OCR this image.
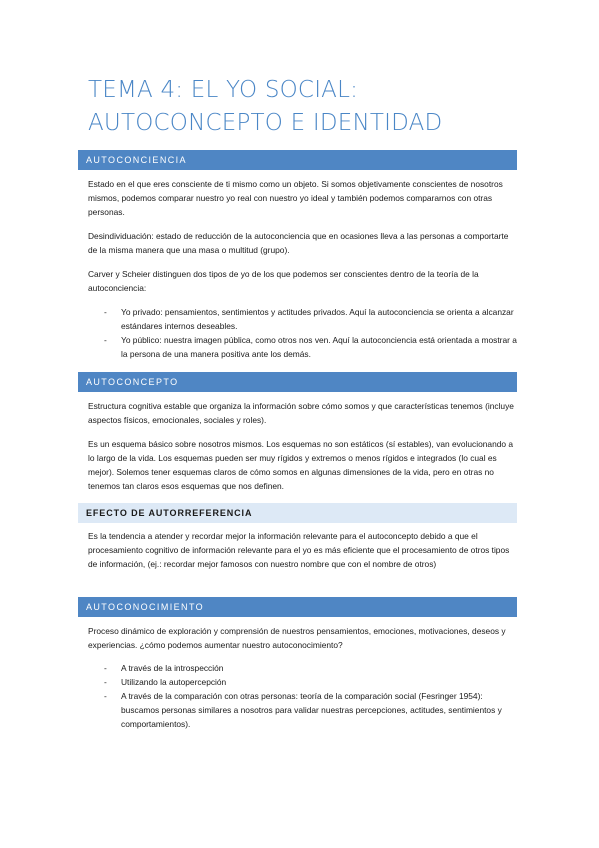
TEMA 4: EL YO SOCIAL:
AUTOCONCEPTO E IDENTIDAD
AUTOCONCIENCIA
Estado en el que eres consciente de ti mismo como un objeto. Si somos objetivamente conscientes de nosotros mismos, podemos comparar nuestro yo real con nuestro yo ideal y también podemos compararnos con otras personas.
Desindividuación: estado de reducción de la autoconciencia que en ocasiones lleva a las personas a comportarte de la misma manera que una masa o multitud (grupo).
Carver y Scheier distinguen dos tipos de yo de los que podemos ser conscientes dentro de la teoría de la autoconciencia:
- Yo privado: pensamientos, sentimientos y actitudes privados. Aquí la autoconciencia se orienta a alcanzar estándares internos deseables.
- Yo público: nuestra imagen pública, como otros nos ven. Aquí la autoconciencia está orientada a mostrar a la persona de una manera positiva ante los demás.
AUTOCONCEPTO
Estructura cognitiva estable que organiza la información sobre cómo somos y que características tenemos (incluye aspectos físicos, emocionales, sociales y roles).
Es un esquema básico sobre nosotros mismos. Los esquemas no son estáticos (sí estables), van evolucionando a lo largo de la vida. Los esquemas pueden ser muy rígidos y extremos o menos rígidos e integrados (lo cual es mejor). Solemos tener esquemas claros de cómo somos en algunas dimensiones de la vida, pero en otras no tenemos tan claros esos esquemas que nos definen.
EFECTO DE AUTORREFERENCIA
Es la tendencia a atender y recordar mejor la información relevante para el autoconcepto debido a que el procesamiento cognitivo de información relevante para el yo es más eficiente que el procesamiento de otros tipos de información, (ej.: recordar mejor famosos con nuestro nombre que con el nombre de otros)
AUTOCONOCIMIENTO
Proceso dinámico de exploración y comprensión de nuestros pensamientos, emociones, motivaciones, deseos y experiencias. ¿cómo podemos aumentar nuestro autoconocimiento?
- A través de la introspección
- Utilizando la autopercepción
- A través de la comparación con otras personas: teoría de la comparación social (Fesringer 1954): buscamos personas similares a nosotros para validar nuestras percepciones, actitudes, sentimientos y comportamientos).
